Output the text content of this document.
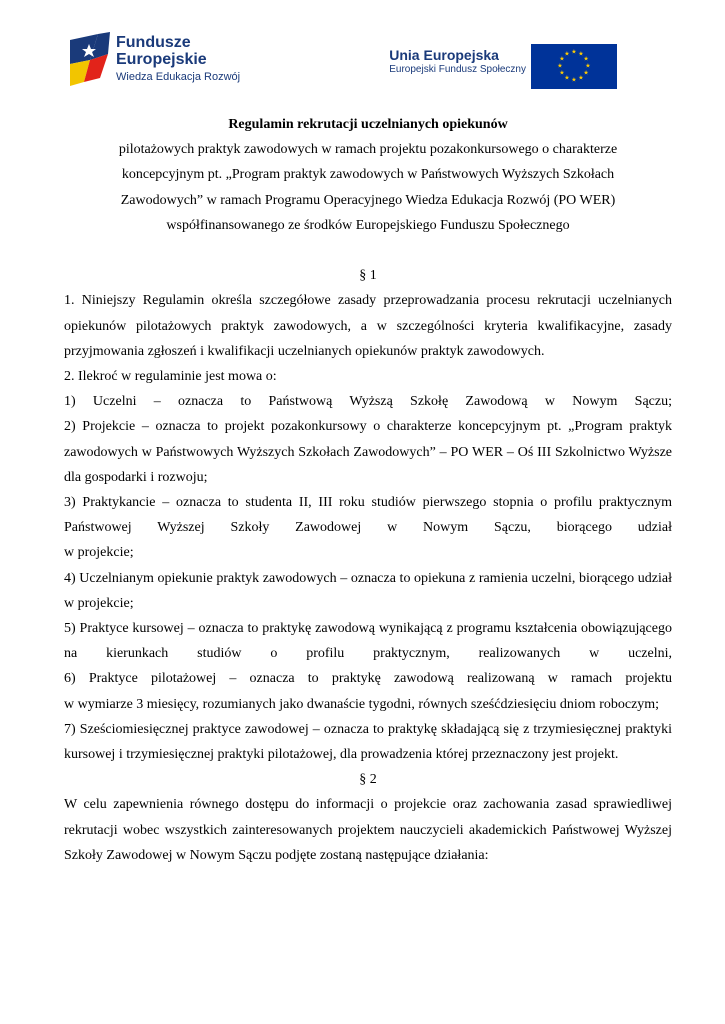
Fundusze
Europejskie
Wiedza Edukacja Rozwój
Unia Europejska
Europejski Fundusz Społeczny
★ ★
★
★
★
★
★
★
★
★
★
★

Regulamin rekrutacji uczelnianych opiekunów

pilotażowych praktyk zawodowych w ramach projektu pozakonkursowego o charakterze
koncepcyjnym pt. „Program praktyk zawodowych w Państwowych Wyższych Szkołach
Zawodowych” w ramach Programu Operacyjnego Wiedza Edukacja Rozwój (PO WER)
współfinansowanego ze środków Europejskiego Funduszu Społecznego

§ 1

1. Niniejszy Regulamin określa szczegółowe zasady przeprowadzania procesu rekrutacji uczelnianych opiekunów pilotażowych praktyk zawodowych, a w szczególności kryteria kwalifikacyjne, zasady przyjmowania zgłoszeń i kwalifikacji uczelnianych opiekunów praktyk zawodowych.

2. Ilekroć w regulaminie jest mowa o:

1) Uczelni – oznacza to Państwową Wyższą Szkołę Zawodową w Nowym Sączu;

2) Projekcie – oznacza to projekt pozakonkursowy o charakterze koncepcyjnym pt. „Program praktyk zawodowych w Państwowych Wyższych Szkołach Zawodowych” – PO WER – Oś III Szkolnictwo Wyższe dla gospodarki i rozwoju;

3) Praktykancie – oznacza to studenta II, III roku studiów pierwszego stopnia o profilu praktycznym Państwowej Wyższej Szkoły Zawodowej w Nowym Sączu, biorącego udział

w projekcie;

4) Uczelnianym opiekunie praktyk zawodowych – oznacza to opiekuna z ramienia uczelni, biorącego udział w projekcie;

5) Praktyce kursowej – oznacza to praktykę zawodową wynikającą z programu kształcenia obowiązującego na kierunkach studiów o profilu praktycznym, realizowanych w uczelni,

6) Praktyce pilotażowej – oznacza to praktykę zawodową realizowaną w ramach projektu

w wymiarze 3 miesięcy, rozumianych jako dwanaście tygodni, równych sześćdziesięciu dniom roboczym;

7) Sześciomiesięcznej praktyce zawodowej – oznacza to praktykę składającą się z trzymiesięcznej praktyki kursowej i trzymiesięcznej praktyki pilotażowej, dla prowadzenia której przeznaczony jest projekt.

§ 2

W celu zapewnienia równego dostępu do informacji o projekcie oraz zachowania zasad sprawiedliwej rekrutacji wobec wszystkich zainteresowanych projektem nauczycieli akademickich Państwowej Wyższej Szkoły Zawodowej w Nowym Sączu podjęte zostaną następujące działania:
